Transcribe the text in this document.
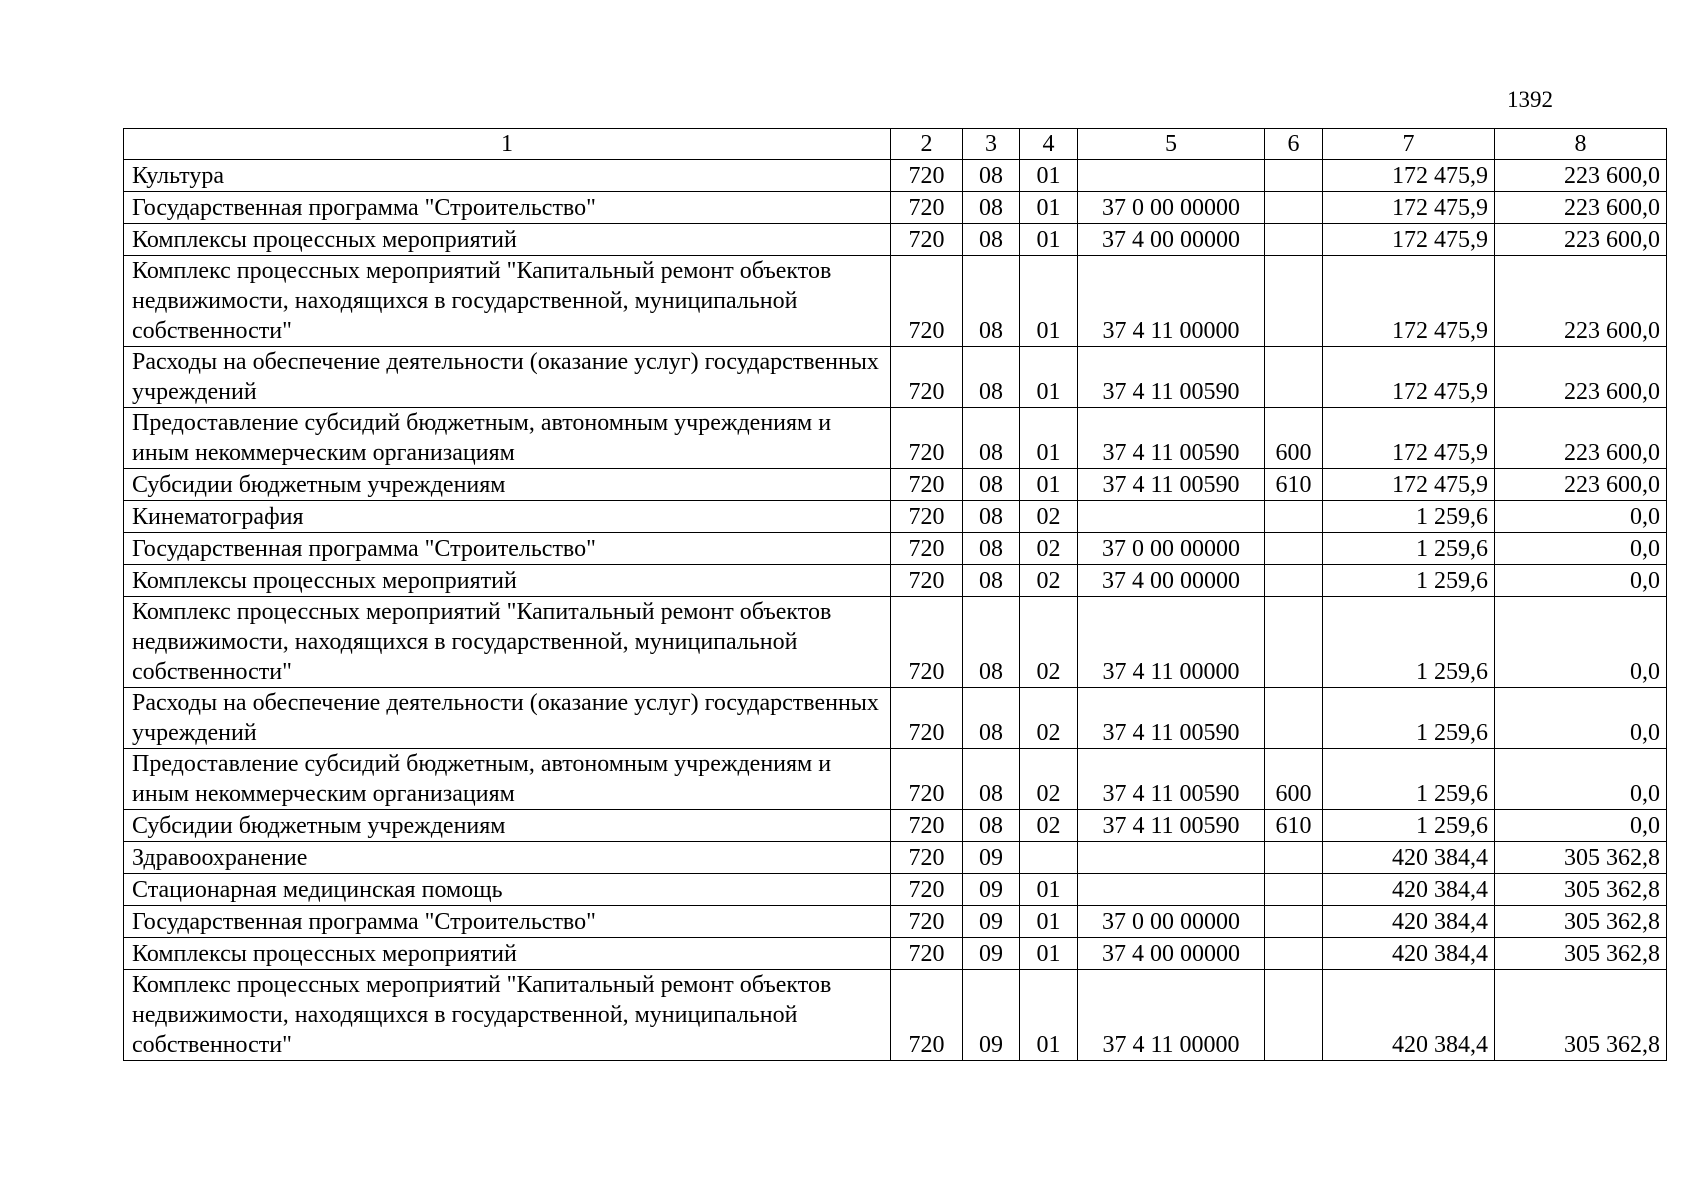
1392
1	2	3	4	5	6	7	8
Культура	720	08	01			172 475,9	223 600,0
Государственная программа "Строительство"	720	08	01	37 0 00 00000		172 475,9	223 600,0
Комплексы процессных мероприятий	720	08	01	37 4 00 00000		172 475,9	223 600,0
Комплекс процессных мероприятий "Капитальный ремонт объектов недвижимости, находящихся в государственной, муниципальной собственности"	720	08	01	37 4 11 00000		172 475,9	223 600,0
Расходы на обеспечение деятельности (оказание услуг) государственных учреждений	720	08	01	37 4 11 00590		172 475,9	223 600,0
Предоставление субсидий бюджетным, автономным учреждениям и иным некоммерческим организациям	720	08	01	37 4 11 00590	600	172 475,9	223 600,0
Субсидии бюджетным учреждениям	720	08	01	37 4 11 00590	610	172 475,9	223 600,0
Кинематография	720	08	02			1 259,6	0,0
Государственная программа "Строительство"	720	08	02	37 0 00 00000		1 259,6	0,0
Комплексы процессных мероприятий	720	08	02	37 4 00 00000		1 259,6	0,0
Комплекс процессных мероприятий "Капитальный ремонт объектов недвижимости, находящихся в государственной, муниципальной собственности"	720	08	02	37 4 11 00000		1 259,6	0,0
Расходы на обеспечение деятельности (оказание услуг) государственных учреждений	720	08	02	37 4 11 00590		1 259,6	0,0
Предоставление субсидий бюджетным, автономным учреждениям и иным некоммерческим организациям	720	08	02	37 4 11 00590	600	1 259,6	0,0
Субсидии бюджетным учреждениям	720	08	02	37 4 11 00590	610	1 259,6	0,0
Здравоохранение	720	09				420 384,4	305 362,8
Стационарная медицинская помощь	720	09	01			420 384,4	305 362,8
Государственная программа "Строительство"	720	09	01	37 0 00 00000		420 384,4	305 362,8
Комплексы процессных мероприятий	720	09	01	37 4 00 00000		420 384,4	305 362,8
Комплекс процессных мероприятий "Капитальный ремонт объектов недвижимости, находящихся в государственной, муниципальной собственности"	720	09	01	37 4 11 00000		420 384,4	305 362,8
